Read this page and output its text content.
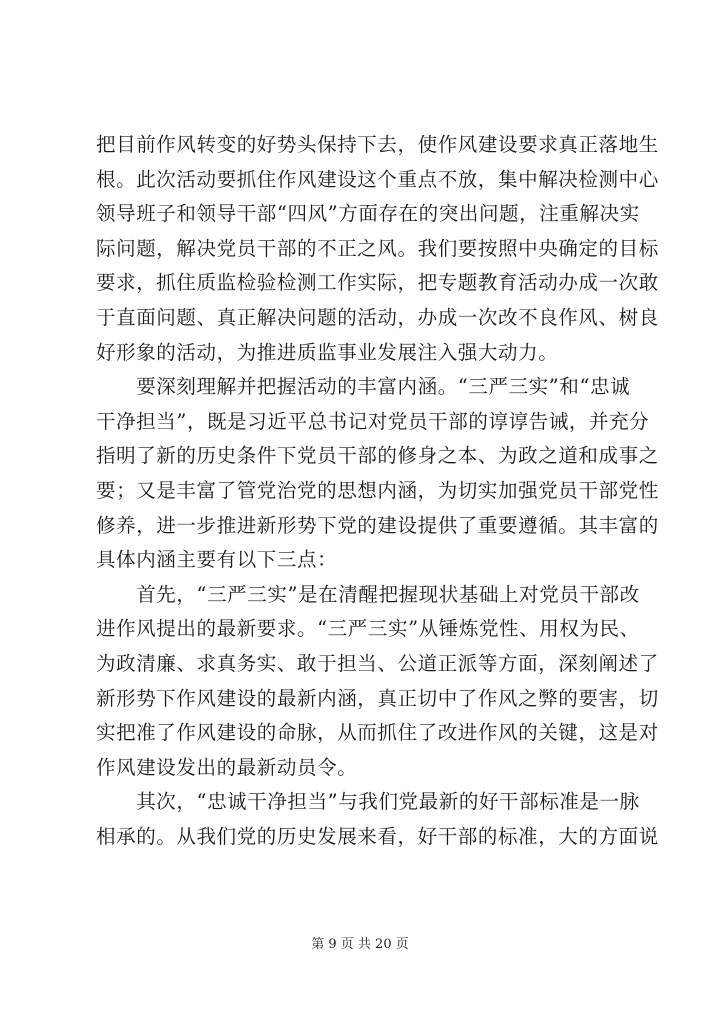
把目前作风转变的好势头保持下去，使作风建设要求真正落地生
根。此次活动要抓住作风建设这个重点不放，集中解决检测中心
领导班子和领导干部“四风”方面存在的突出问题，注重解决实
际问题，解决党员干部的不正之风。我们要按照中央确定的目标
要求，抓住质监检验检测工作实际，把专题教育活动办成一次敢
于直面问题、真正解决问题的活动，办成一次改不良作风、树良
好形象的活动，为推进质监事业发展注入强大动力。

　　要深刻理解并把握活动的丰富内涵。“三严三实”和“忠诚
干净担当”，既是习近平总书记对党员干部的谆谆告诫，并充分
指明了新的历史条件下党员干部的修身之本、为政之道和成事之
要；又是丰富了管党治党的思想内涵，为切实加强党员干部党性
修养，进一步推进新形势下党的建设提供了重要遵循。其丰富的
具体内涵主要有以下三点：

　　首先，“三严三实”是在清醒把握现状基础上对党员干部改
进作风提出的最新要求。“三严三实”从锤炼党性、用权为民、
为政清廉、求真务实、敢于担当、公道正派等方面，深刻阐述了
新形势下作风建设的最新内涵，真正切中了作风之弊的要害，切
实把准了作风建设的命脉，从而抓住了改进作风的关键，这是对
作风建设发出的最新动员令。

　　其次，“忠诚干净担当”与我们党最新的好干部标准是一脉
相承的。从我们党的历史发展来看，好干部的标准，大的方面说

第 9 页 共 20 页
